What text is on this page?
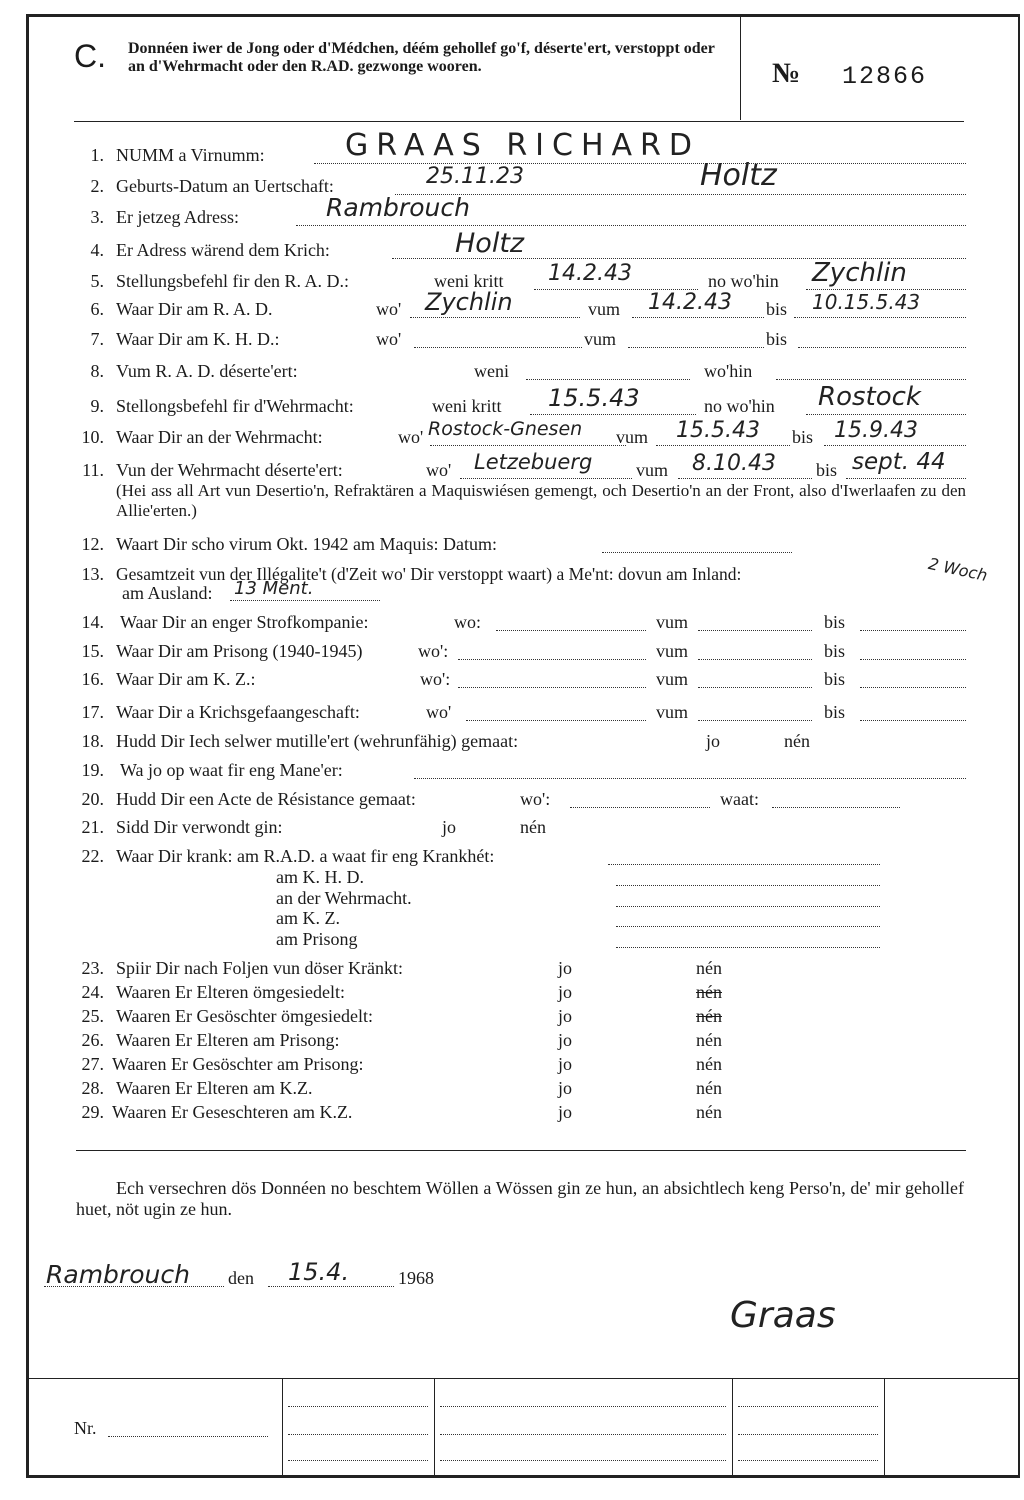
C. Donnéen iwer de Jong oder d'Médchen, déém gehollef go'f, déserte'ert, verstoppt oder an d'Wehrmacht oder den R.AD. gezwonge wooren.	№ 12866
1. NUMM a Virnumm:	GRAAS RICHARD
2. Geburts-Datum an Uertschaft:	25.11.23	Holtz
3. Er jetzeg Adress:	Rambrouch
4. Er Adress wärend dem Krich:	Holtz
5. Stellungsbefehl fir den R. A. D.:	weni kritt 14.2.43	no wo'hin Zychlin
6. Waar Dir am R. A. D.	wo' Zychlin	vum 14.2.43 bis 10.15.5.43
7. Waar Dir am K. H. D.:	wo'	vum	bis
8. Vum R. A. D. déserte'ert:	weni	wo'hin
9. Stellongsbefehl fir d'Wehrmacht:	weni kritt 15.5.43	no wo'hin Rostock
10. Waar Dir an der Wehrmacht:	wo' Rostock-Gnesen vum 15.5.43 bis 15.9.43
11. Vun der Wehrmacht déserte'ert:	wo' Letzebuerg vum 8.10.43 bis sept. 44
(Hei ass all Art vun Desertio'n, Refraktären a Maquiswiésen gemengt, och Desertio'n an der Front, also d'Iwerlaafen zu den Allie'erten.)
12. Waart Dir scho virum Okt. 1942 am Maquis: Datum:
13. Gesamtzeit vun der Illégalite't (d'Zeit wo' Dir verstoppt waart) a Me'nt: dovun am Inland:	2 Woch
am Ausland: 13 Ment.
14. Waar Dir an enger Strofkompanie:	wo:	vum	bis
15. Waar Dir am Prisong (1940-1945)	wo':	vum	bis
16. Waar Dir am K. Z.:	wo':	vum	bis
17. Waar Dir a Krichsgefaangeschaft:	wo'	vum	bis
18. Hudd Dir Iech selwer mutille'ert (wehrunfähig) gemaat:	jo	nén
19. Wa jo op waat fir eng Mane'er:
20. Hudd Dir een Acte de Résistance gemaat:	wo':	waat:
21. Sidd Dir verwondt gin:	jo	nén
22. Waar Dir krank: am R.A.D. a waat fir eng Krankhét:
am K. H. D.
an der Wehrmacht.
am K. Z.
am Prisong
23. Spiir Dir nach Foljen vun döser Kränkt:	jo	nén
24. Waaren Er Elteren ömgesiedelt:	jo	nén
25. Waaren Er Gesöschter ömgesiedelt:	jo	nén
26. Waaren Er Elteren am Prisong:	jo	nén
27. Waaren Er Gesöschter am Prisong:	jo	nén
28. Waaren Er Elteren am K.Z.	jo	nén
29. Waaren Er Geseschteren am K.Z.	jo	nén
Ech versechren dös Donnéen no beschtem Wöllen a Wössen gin ze hun, an absichtlech keng Perso'n, de' mir gehollef huet, nöt ugin ze hun.
Rambrouch den 15.4.	1968
Graas
Nr.
